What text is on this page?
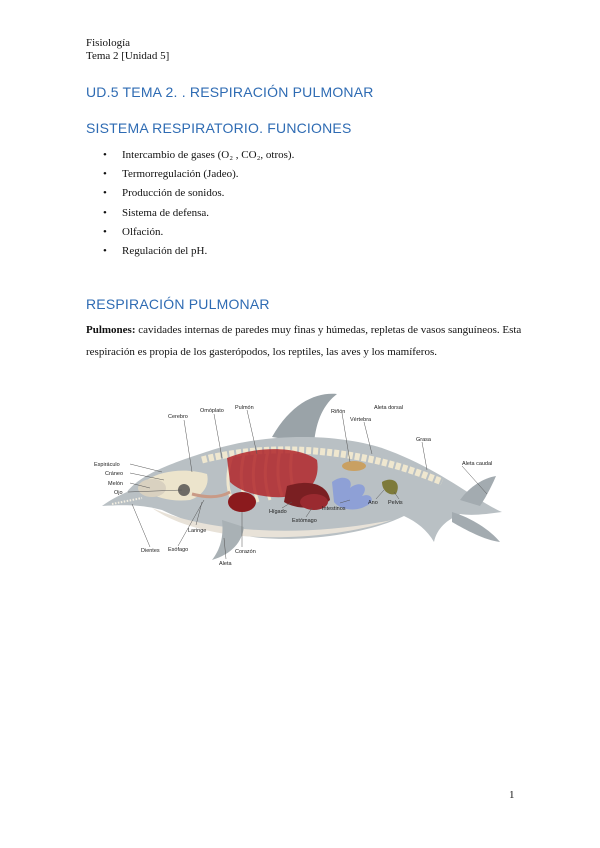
Fisiología
Tema 2 [Unidad 5]
UD.5 TEMA 2. . RESPIRACIÓN PULMONAR
SISTEMA RESPIRATORIO. FUNCIONES
• Intercambio de gases (O₂ , CO₂, otros).
• Termorregulación (Jadeo).
• Producción de sonidos.
• Sistema de defensa.
• Olfación.
• Regulación del pH.
RESPIRACIÓN PULMONAR

Pulmones: cavidades internas de paredes muy finas y húmedas, repletas de vasos sanguíneos. Esta respiración es propia de los gasterópodos, los reptiles, las aves y los mamíferos.

Cerebro
Omóplato Pulmón
Riñón
Aleta dorsal
Vértebra
Grasa
Aleta caudal
Espiráculo
Cráneo
Melón
Ojo
Ano Pelvis
Intestinos
Hígado
Estómago
Laringe
Dientes Esófago	Corazón
Aleta
1
